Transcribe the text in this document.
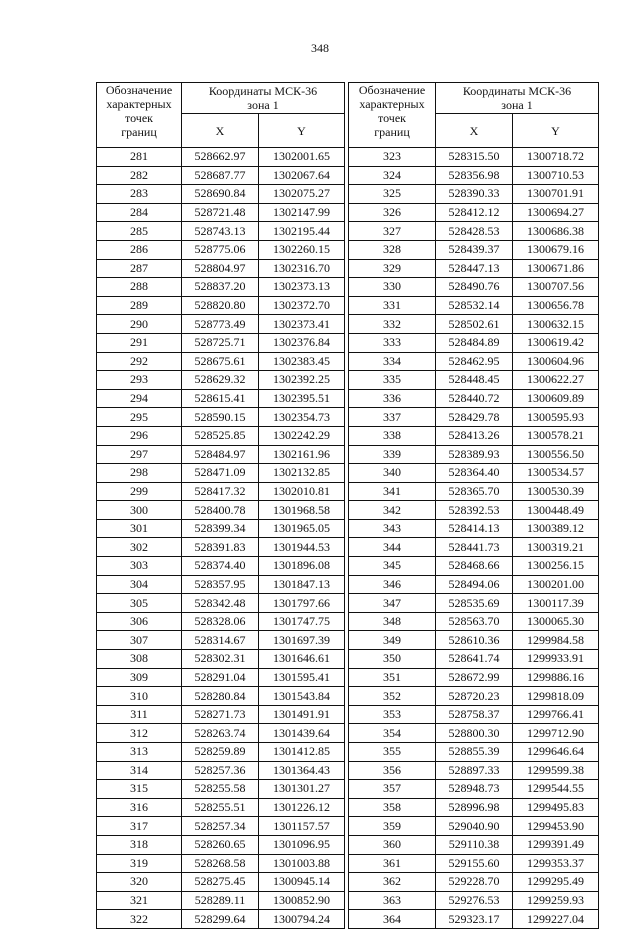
348
Обозначение
характерных
точек
границ	Координаты МСК-36
зона 1	
	X	Y
281	528662.97	1302001.65
282	528687.77	1302067.64
283	528690.84	1302075.27
284	528721.48	1302147.99
285	528743.13	1302195.44
286	528775.06	1302260.15
287	528804.97	1302316.70
288	528837.20	1302373.13
289	528820.80	1302372.70
290	528773.49	1302373.41
291	528725.71	1302376.84
292	528675.61	1302383.45
293	528629.32	1302392.25
294	528615.41	1302395.51
295	528590.15	1302354.73
296	528525.85	1302242.29
297	528484.97	1302161.96
298	528471.09	1302132.85
299	528417.32	1302010.81
300	528400.78	1301968.58
301	528399.34	1301965.05
302	528391.83	1301944.53
303	528374.40	1301896.08
304	528357.95	1301847.13
305	528342.48	1301797.66
306	528328.06	1301747.75
307	528314.67	1301697.39
308	528302.31	1301646.61
309	528291.04	1301595.41
310	528280.84	1301543.84
311	528271.73	1301491.91
312	528263.74	1301439.64
313	528259.89	1301412.85
314	528257.36	1301364.43
315	528255.58	1301301.27
316	528255.51	1301226.12
317	528257.34	1301157.57
318	528260.65	1301096.95
319	528268.58	1301003.88
320	528275.45	1300945.14
321	528289.11	1300852.90
322	528299.64	1300794.24
Обозначение
характерных
точек
границ	Координаты МСК-36
зона 1	
	X	Y
323	528315.50	1300718.72
324	528356.98	1300710.53
325	528390.33	1300701.91
326	528412.12	1300694.27
327	528428.53	1300686.38
328	528439.37	1300679.16
329	528447.13	1300671.86
330	528490.76	1300707.56
331	528532.14	1300656.78
332	528502.61	1300632.15
333	528484.89	1300619.42
334	528462.95	1300604.96
335	528448.45	1300622.27
336	528440.72	1300609.89
337	528429.78	1300595.93
338	528413.26	1300578.21
339	528389.93	1300556.50
340	528364.40	1300534.57
341	528365.70	1300530.39
342	528392.53	1300448.49
343	528414.13	1300389.12
344	528441.73	1300319.21
345	528468.66	1300256.15
346	528494.06	1300201.00
347	528535.69	1300117.39
348	528563.70	1300065.30
349	528610.36	1299984.58
350	528641.74	1299933.91
351	528672.99	1299886.16
352	528720.23	1299818.09
353	528758.37	1299766.41
354	528800.30	1299712.90
355	528855.39	1299646.64
356	528897.33	1299599.38
357	528948.73	1299544.55
358	528996.98	1299495.83
359	529040.90	1299453.90
360	529110.38	1299391.49
361	529155.60	1299353.37
362	529228.70	1299295.49
363	529276.53	1299259.93
364	529323.17	1299227.04
